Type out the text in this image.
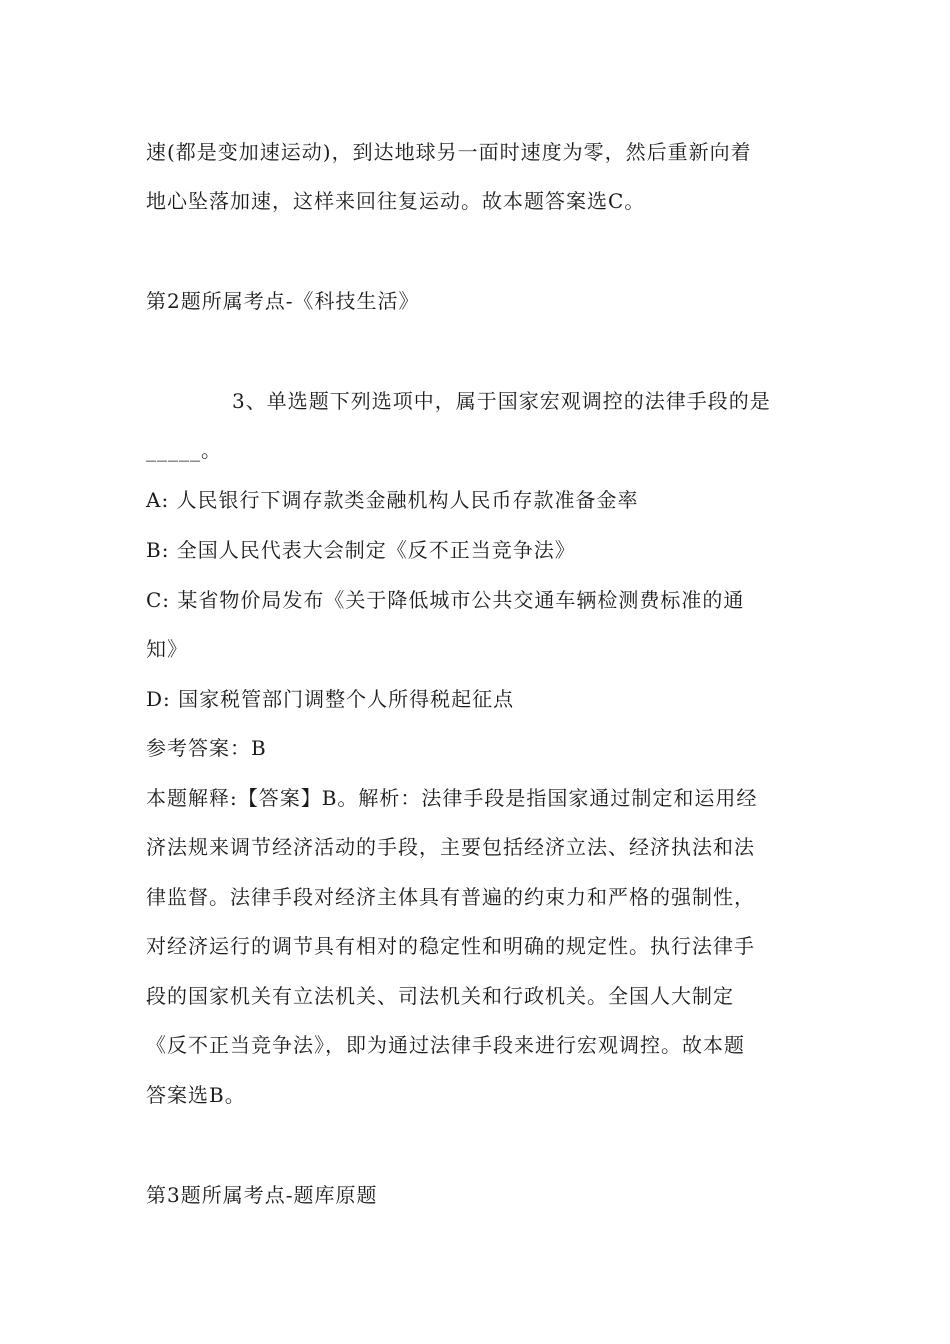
速(都是变加速运动)，到达地球另一面时速度为零，然后重新向着
地心坠落加速，这样来回往复运动。故本题答案选C。
第2题所属考点-《科技生活》
3、单选题下列选项中，属于国家宏观调控的法律手段的是
_____。
A: 人民银行下调存款类金融机构人民币存款准备金率
B: 全国人民代表大会制定《反不正当竞争法》
C: 某省物价局发布《关于降低城市公共交通车辆检测费标准的通
知》
D: 国家税管部门调整个人所得税起征点
参考答案：B
本题解释:【答案】B。解析：法律手段是指国家通过制定和运用经
济法规来调节经济活动的手段，主要包括经济立法、经济执法和法
律监督。法律手段对经济主体具有普遍的约束力和严格的强制性，
对经济运行的调节具有相对的稳定性和明确的规定性。执行法律手
段的国家机关有立法机关、司法机关和行政机关。全国人大制定
《反不正当竞争法》，即为通过法律手段来进行宏观调控。故本题
答案选B。
第3题所属考点-题库原题
